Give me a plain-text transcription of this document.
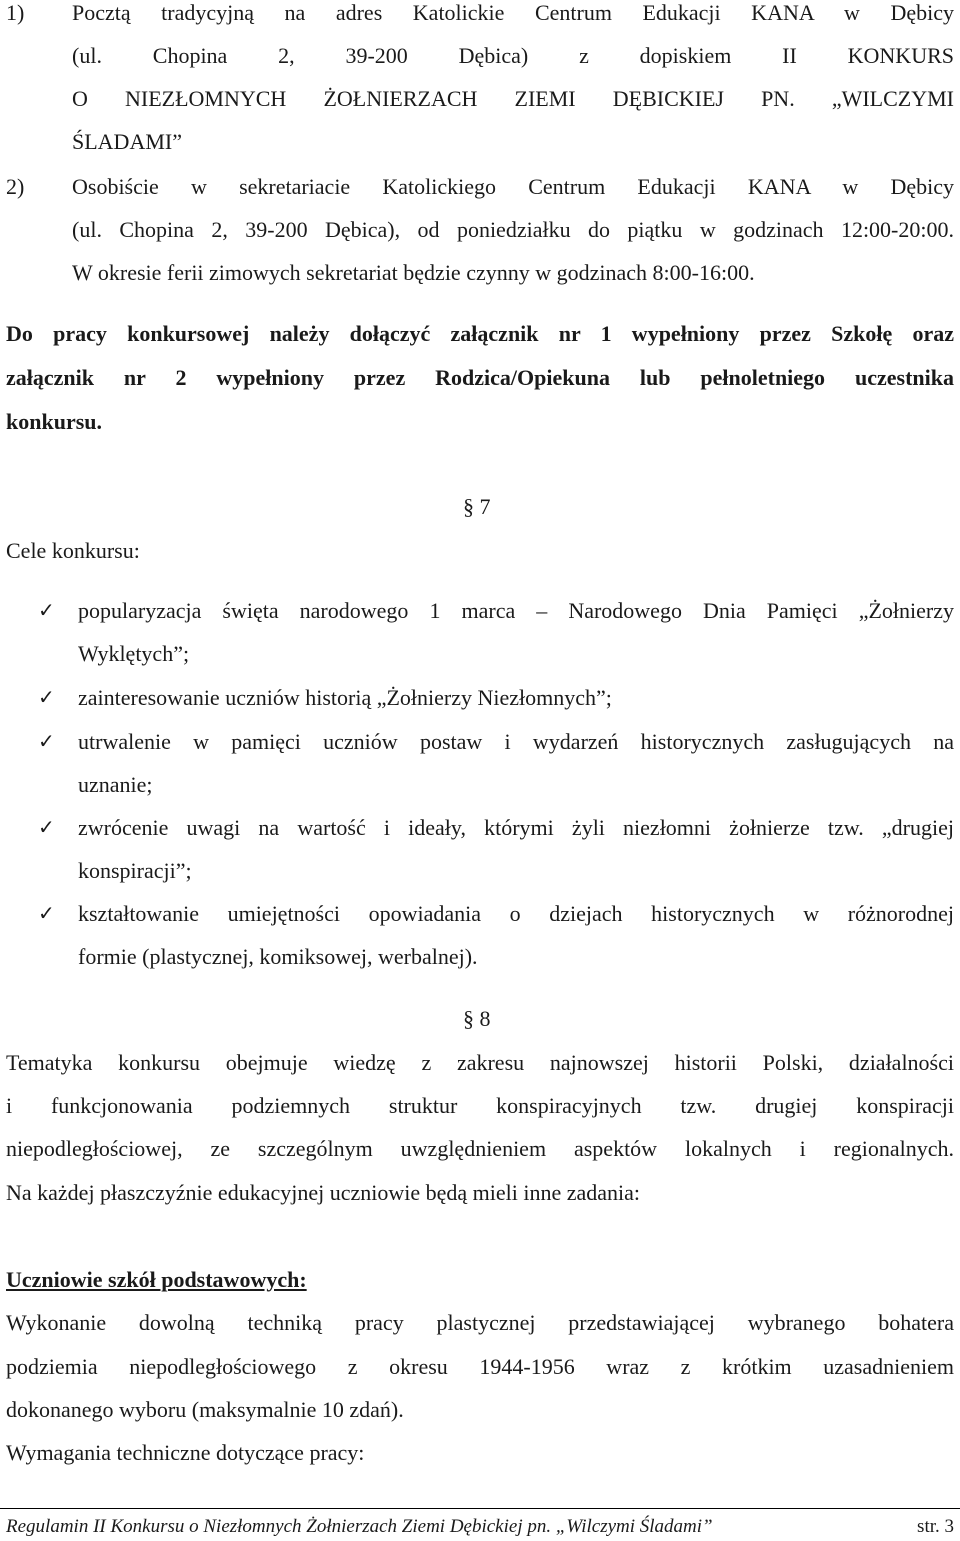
1) Pocztą tradycyjną na adres Katolickie Centrum Edukacji KANA w Dębicy
(ul. Chopina 2, 39-200 Dębica) z dopiskiem II KONKURS
O NIEZŁOMNYCH ŻOŁNIERZACH ZIEMI DĘBICKIEJ PN. „WILCZYMI
ŚLADAMI”
2) Osobiście w sekretariacie Katolickiego Centrum Edukacji KANA w Dębicy
(ul. Chopina 2, 39-200 Dębica), od poniedziałku do piątku w godzinach 12:00-20:00.
W okresie ferii zimowych sekretariat będzie czynny w godzinach 8:00-16:00.
Do pracy konkursowej należy dołączyć załącznik nr 1 wypełniony przez Szkołę oraz
załącznik nr 2 wypełniony przez Rodzica/Opiekuna lub pełnoletniego uczestnika
konkursu.
§ 7
Cele konkursu:
✓ popularyzacja święta narodowego 1 marca – Narodowego Dnia Pamięci „Żołnierzy
Wyklętych”;
✓ zainteresowanie uczniów historią „Żołnierzy Niezłomnych”;
✓ utrwalenie w pamięci uczniów postaw i wydarzeń historycznych zasługujących na
uznanie;
✓ zwrócenie uwagi na wartość i ideały, którymi żyli niezłomni żołnierze tzw. „drugiej
konspiracji”;
✓ kształtowanie umiejętności opowiadania o dziejach historycznych w różnorodnej
formie (plastycznej, komiksowej, werbalnej).
§ 8
Tematyka konkursu obejmuje wiedzę z zakresu najnowszej historii Polski, działalności
i funkcjonowania podziemnych struktur konspiracyjnych tzw. drugiej konspiracji
niepodległościowej, ze szczególnym uwzględnieniem aspektów lokalnych i regionalnych.
Na każdej płaszczyźnie edukacyjnej uczniowie będą mieli inne zadania:
Uczniowie szkół podstawowych:
Wykonanie dowolną techniką pracy plastycznej przedstawiającej wybranego bohatera
podziemia niepodległościowego z okresu 1944-1956 wraz z krótkim uzasadnieniem
dokonanego wyboru (maksymalnie 10 zdań).
Wymagania techniczne dotyczące pracy:
Regulamin II Konkursu o Niezłomnych Żołnierzach Ziemi Dębickiej pn. „Wilczymi Śladami”	str. 3
